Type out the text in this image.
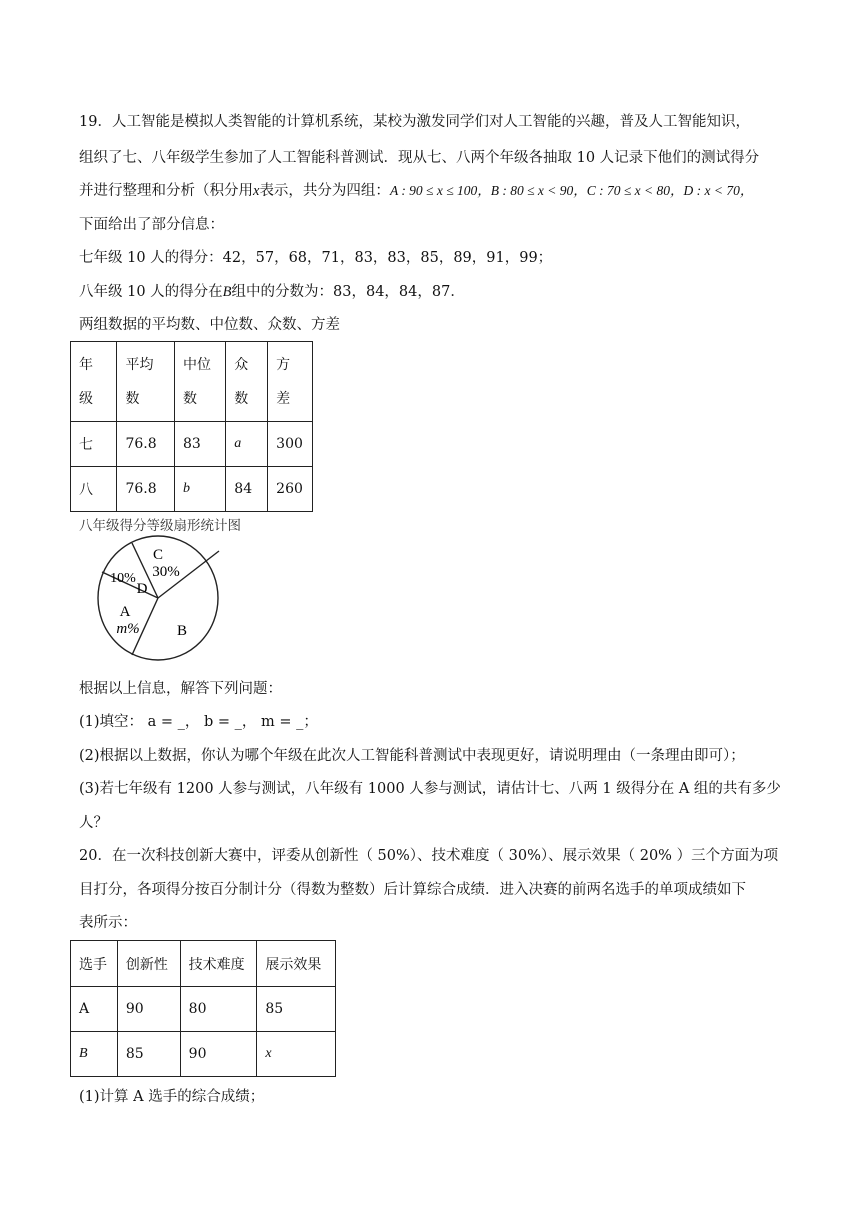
19．人工智能是模拟人类智能的计算机系统，某校为激发同学们对人工智能的兴趣，普及人工智能知识，
组织了七、八年级学生参加了人工智能科普测试．现从七、八两个年级各抽取 10 人记录下他们的测试得分
并进行整理和分析（积分用x表示，共分为四组：A : 90 ≤ x ≤ 100，B : 80 ≤ x < 90，C : 70 ≤ x < 80，D : x < 70，
下面给出了部分信息：
七年级 10 人的得分：42，57，68，71，83，83，85，89，91，99；
八年级 10 人的得分在B组中的分数为：83，84，84，87．
两组数据的平均数、中位数、众数、方差
年
级	平均
数	中位
数	众
数	方
差

七	76.8	83	a	300
八	76.8	b	84	260
八年级得分等级扇形统计图
C
30%
10%
D
A
m% B
根据以上信息，解答下列问题：
(1)填空： a = _， b = _， m = _；
(2)根据以上数据，你认为哪个年级在此次人工智能科普测试中表现更好，请说明理由（一条理由即可）；
(3)若七年级有 1200 人参与测试，八年级有 1000 人参与测试，请估计七、八两 1 级得分在 A 组的共有多少
人？
20．在一次科技创新大赛中，评委从创新性（ 50%）、技术难度（ 30%）、展示效果（ 20% ）三个方面为项
目打分，各项得分按百分制计分（得数为整数）后计算综合成绩．进入决赛的前两名选手的单项成绩如下
表所示：
选手	创新性	技术难度	展示效果
A	90	80	85
B	85	90	x
(1)计算 A 选手的综合成绩；
